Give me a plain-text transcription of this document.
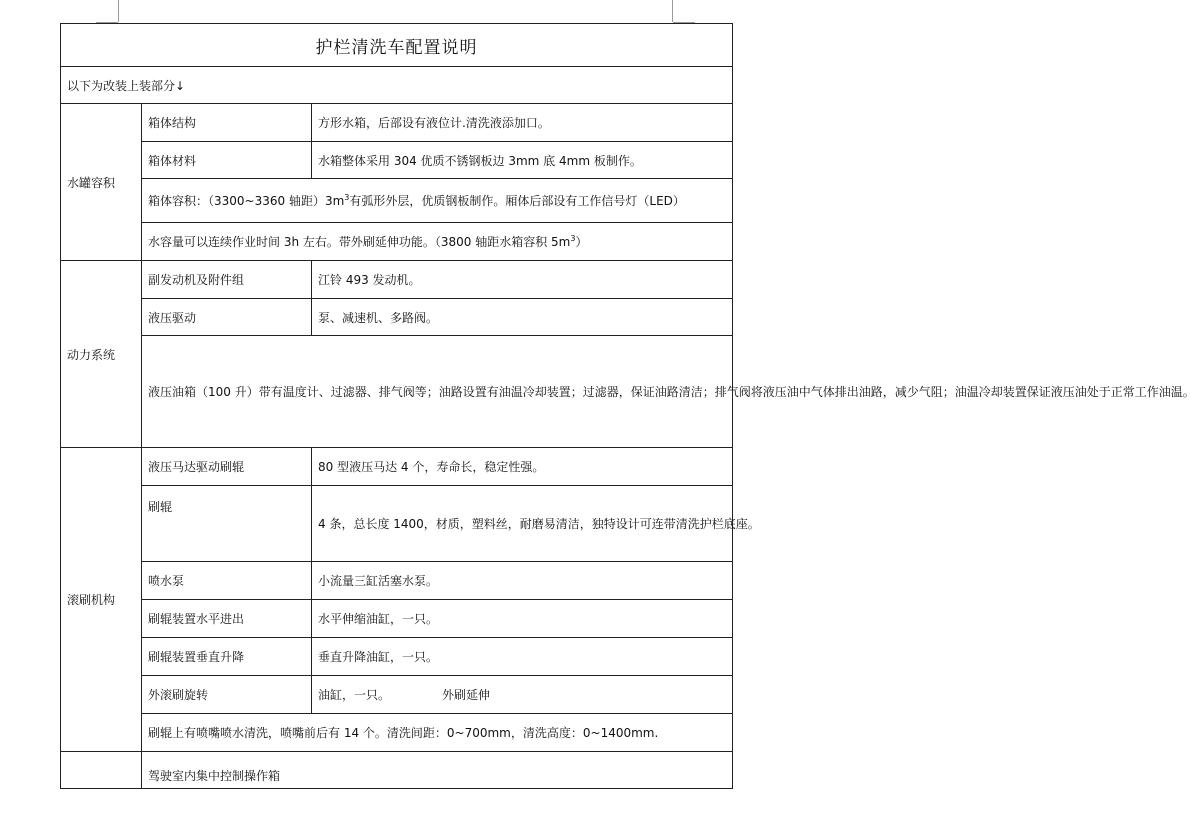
护栏清洗车配置说明		
以下为改装上装部分↓		
水罐容积	箱体结构	方形水箱，后部设有液位计.清洗液添加口。
	箱体材料	水箱整体采用 304 优质不锈钢板边 3mm 底 4mm 板制作。
	箱体容积：（3300~3360 轴距）$3m^3$有弧形外层，优质钢板制作。厢体后部设有工作信号灯（LED）	
	水容量可以连续作业时间 3h 左右。带外刷延伸功能。（3800 轴距水箱容积 $5m^3$）	
动力系统	副发动机及附件组	江铃 493 发动机。
	液压驱动	泵、减速机、多路阀。
	液压油箱（100 升）带有温度计、过滤器、排气阀等；油路设置有油温冷却装置；过滤器，保证油路清洁；排气阀将液压油中气体排出油路，减少气阻；油温冷却装置保证液压油处于正常工作油温。	
滚刷机构	液压马达驱动刷辊	80 型液压马达 4 个，寿命长，稳定性强。
	刷辊	4 条，总长度 1400，材质，塑料丝，耐磨易清洁，独特设计可连带清洗护栏底座。
	喷水泵	小流量三缸活塞水泵。
	刷辊装置水平进出	水平伸缩油缸，一只。
	刷辊装置垂直升降	垂直升降油缸，一只。
	外滚刷旋转	油缸，一只。 外刷延伸
	刷辊上有喷嘴喷水清洗，喷嘴前后有 14 个。清洗间距：0~700mm，清洗高度：0~1400mm.	
	驾驶室内集中控制操作箱	
